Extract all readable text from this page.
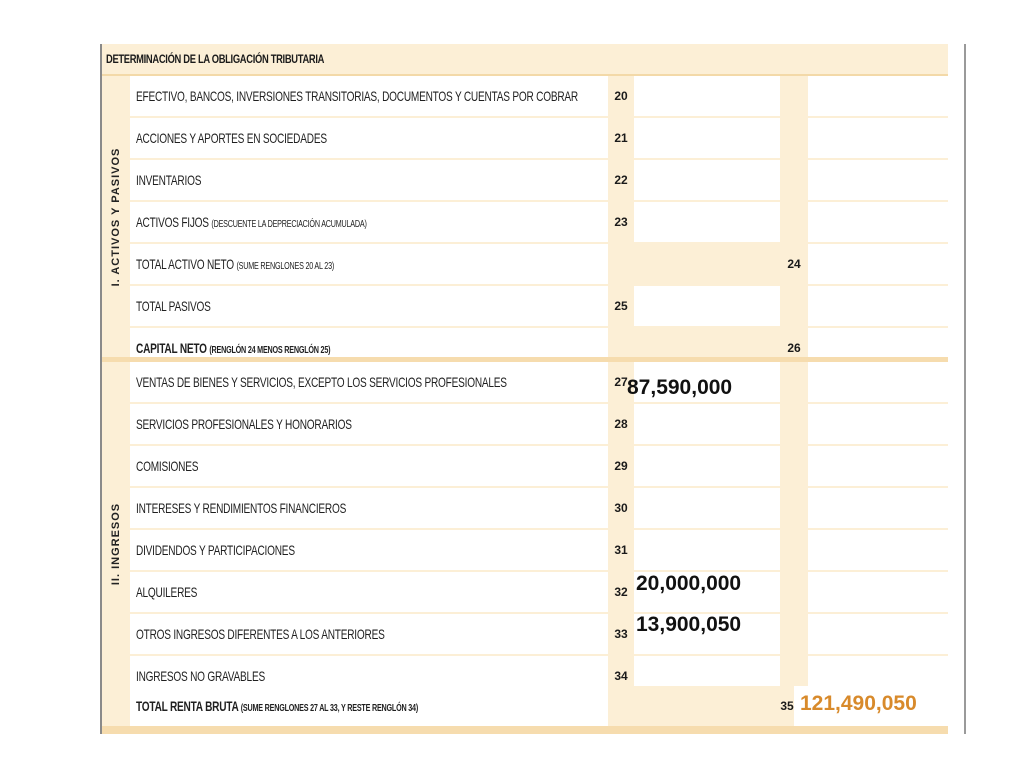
DETERMINACIÓN DE LA OBLIGACIÓN TRIBUTARIA
I. ACTIVOS Y PASIVOS
EFECTIVO, BANCOS, INVERSIONES TRANSITORIAS, DOCUMENTOS Y CUENTAS POR COBRAR	20
ACCIONES Y APORTES EN SOCIEDADES	21
INVENTARIOS	22
ACTIVOS FIJOS (DESCUENTE LA DEPRECIACIÓN ACUMULADA)	23
TOTAL ACTIVO NETO (SUME RENGLONES 20 AL 23)	24
TOTAL PASIVOS	25
CAPITAL NETO (RENGLÓN 24 MENOS RENGLÓN 25)	26
II. INGRESOS
VENTAS DE BIENES Y SERVICIOS, EXCEPTO LOS SERVICIOS PROFESIONALES	27 87,590,000
SERVICIOS PROFESIONALES Y HONORARIOS	28
COMISIONES	29
INTERESES Y RENDIMIENTOS FINANCIEROS	30
DIVIDENDOS Y PARTICIPACIONES	31
ALQUILERES	32 20,000,000
OTROS INGRESOS DIFERENTES A LOS ANTERIORES	33 13,900,050
INGRESOS NO GRAVABLES	34
TOTAL RENTA BRUTA (SUME RENGLONES 27 AL 33, Y RESTE RENGLÓN 34)	35 121,490,050
